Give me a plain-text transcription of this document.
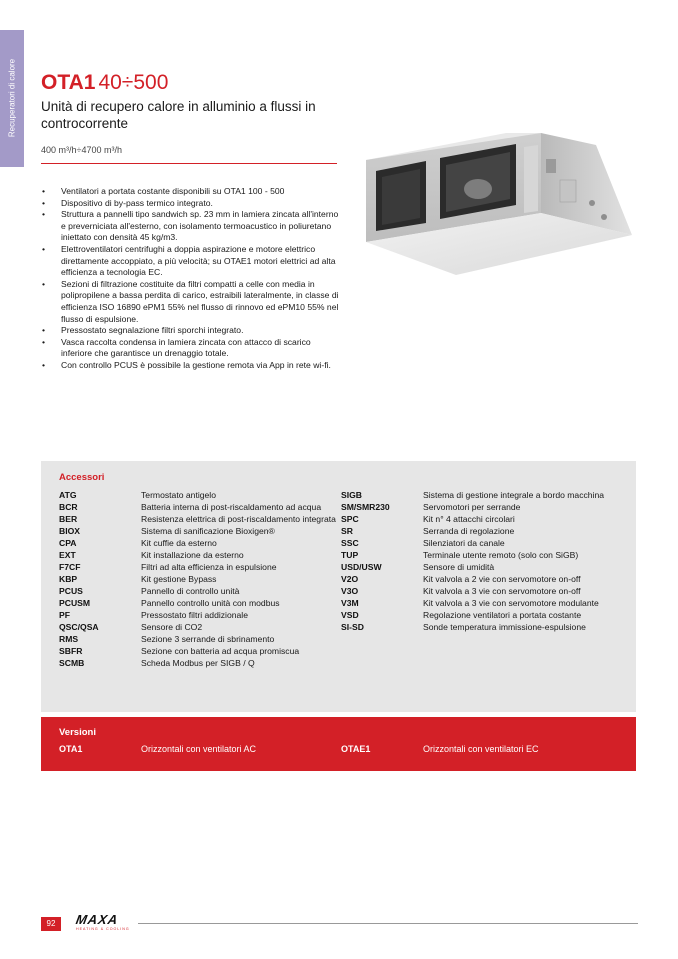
Recuperatori di calore OTA1 40÷500
Unità di recupero calore in alluminio a flussi in controcorrente
400 m³/h÷4700 m³/h
• Ventilatori a portata costante disponibili su OTA1 100 - 500
• Dispositivo di by-pass termico integrato.
• Struttura a pannelli tipo sandwich sp. 23 mm in lamiera zincata all'interno e preverniciata all'esterno, con isolamento termoacustico in poliuretano iniettato con densità 45 kg/m3.
• Elettroventilatori centrifughi a doppia aspirazione e motore elettrico direttamente accoppiato, a più velocità; su OTAE1 motori elettrici ad alta efficienza a tecnologia EC.
• Sezioni di filtrazione costituite da filtri compatti a celle con media in polipropilene a bassa perdita di carico, estraibili lateralmente, in classe di efficienza ISO 16890 ePM1 55% nel flusso di rinnovo ed ePM10 55% nel flusso di espulsione.
• Pressostato segnalazione filtri sporchi integrato.
• Vasca raccolta condensa in lamiera zincata con attacco di scarico inferiore che garantisce un drenaggio totale.
• Con controllo PCUS è possibile la gestione remota via App in rete wi-fi.
Accessori
ATG	Termostato antigelo
BCR	Batteria interna di post-riscaldamento ad acqua
BER	Resistenza elettrica di post-riscaldamento integrata
BIOX	Sistema di sanificazione Bioxigen®
CPA	Kit cuffie da esterno
EXT	Kit installazione da esterno
F7CF	Filtri ad alta efficienza in espulsione
KBP	Kit gestione Bypass
PCUS	Pannello di controllo unità
PCUSM	Pannello controllo unità con modbus
PF	Pressostato filtri addizionale
QSC/QSA	Sensore di CO2
RMS	Sezione 3 serrande di sbrinamento
SBFR	Sezione con batteria ad acqua promiscua
SCMB	Scheda Modbus per SIGB / Q
SIGB	Sistema di gestione integrale a bordo macchina
SM/SMR230	Servomotori per serrande
SPC	Kit n° 4 attacchi circolari
SR	Serranda di regolazione
SSC	Silenziatori da canale
TUP	Terminale utente remoto (solo con SiGB)
USD/USW	Sensore di umidità
V2O	Kit valvola a 2 vie con servomotore on-off
V3O	Kit valvola a 3 vie con servomotore on-off
V3M	Kit valvola a 3 vie con servomotore modulante
VSD	Regolazione ventilatori a portata costante
SI-SD	Sonde temperatura immissione-espulsione
Versioni
OTA1	Orizzontali con ventilatori AC	OTAE1	Orizzontali con ventilatori EC
92	MAXA
HEATING & COOLING
